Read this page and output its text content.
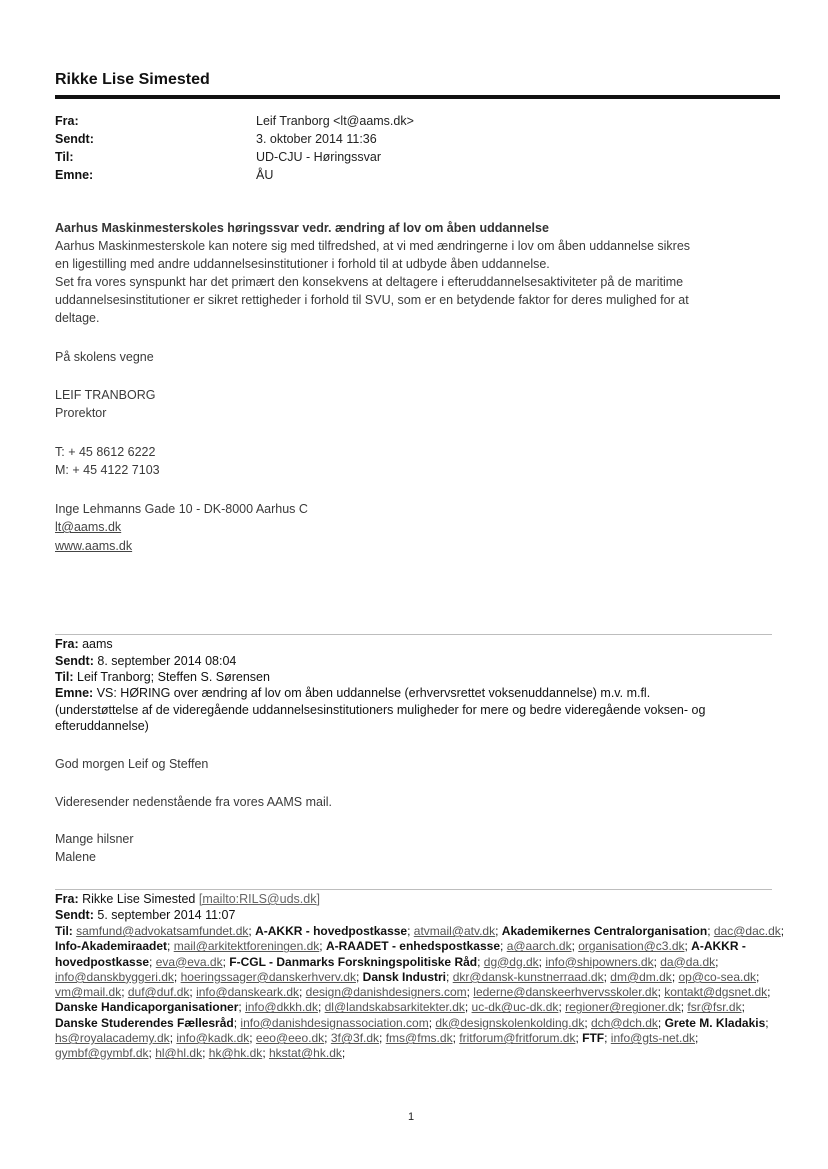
Rikke Lise Simested
Fra:	Leif Tranborg <lt@aams.dk>
Sendt:	3. oktober 2014 11:36
Til:	UD-CJU - Høringssvar
Emne:	ÅU
Aarhus Maskinmesterskoles høringssvar vedr. ændring af lov om åben uddannelse
Aarhus Maskinmesterskole kan notere sig med tilfredshed, at vi med ændringerne i lov om åben uddannelse sikres
en ligestilling med andre uddannelsesinstitutioner i forhold til at udbyde åben uddannelse.
Set fra vores synspunkt har det primært den konsekvens at deltagere i efteruddannelsesaktiviteter på de maritime
uddannelsesinstitutioner er sikret rettigheder i forhold til SVU, som er en betydende faktor for deres mulighed for at
deltage.
På skolens vegne
LEIF TRANBORG
Prorektor
T: + 45 8612 6222
M: + 45 4122 7103
Inge Lehmanns Gade 10 - DK-8000 Aarhus C
lt@aams.dk
www.aams.dk
Fra: aams
Sendt: 8. september 2014 08:04
Til: Leif Tranborg; Steffen S. Sørensen
Emne: VS: HØRING over ændring af lov om åben uddannelse (erhvervsrettet voksenuddannelse) m.v. m.fl.
(understøttelse af de videregående uddannelsesinstitutioners muligheder for mere og bedre videregående voksen- og
efteruddannelse)
God morgen Leif og Steffen
Videresender nedenstående fra vores AAMS mail.
Mange hilsner
Malene
Fra: Rikke Lise Simested [mailto:RILS@uds.dk]
Sendt: 5. september 2014 11:07
Til: samfund@advokatsamfundet.dk; A-AKKR - hovedpostkasse; atvmail@atv.dk; Akademikernes Centralorganisation; dac@dac.dk; Info-Akademiraadet; mail@arkitektforeningen.dk; A-RAADET - enhedspostkasse; a@aarch.dk; organisation@c3.dk; A-AKKR - hovedpostkasse; eva@eva.dk; F-CGL - Danmarks Forskningspolitiske Råd; dg@dg.dk; info@shipowners.dk; da@da.dk; info@danskbyggeri.dk; hoeringssager@danskerhverv.dk; Dansk Industri; dkr@dansk-kunstnerraad.dk; dm@dm.dk; op@co-sea.dk; vm@mail.dk; duf@duf.dk; info@danskeark.dk; design@danishdesigners.com; lederne@danskeerhvervsskoler.dk; kontakt@dgsnet.dk; Danske Handicaporganisationer; info@dkkh.dk; dl@landskabsarkitekter.dk; uc-dk@uc-dk.dk; regioner@regioner.dk; fsr@fsr.dk; Danske Studerendes Fællesråd; info@danishdesignassociation.com; dk@designskolenkolding.dk; dch@dch.dk; Grete M. Kladakis; hs@royalacademy.dk; info@kadk.dk; eeo@eeo.dk; 3f@3f.dk; fms@fms.dk; fritforum@fritforum.dk; FTF; info@gts-net.dk; gymbf@gymbf.dk; hl@hl.dk; hk@hk.dk; hkstat@hk.dk;
1
